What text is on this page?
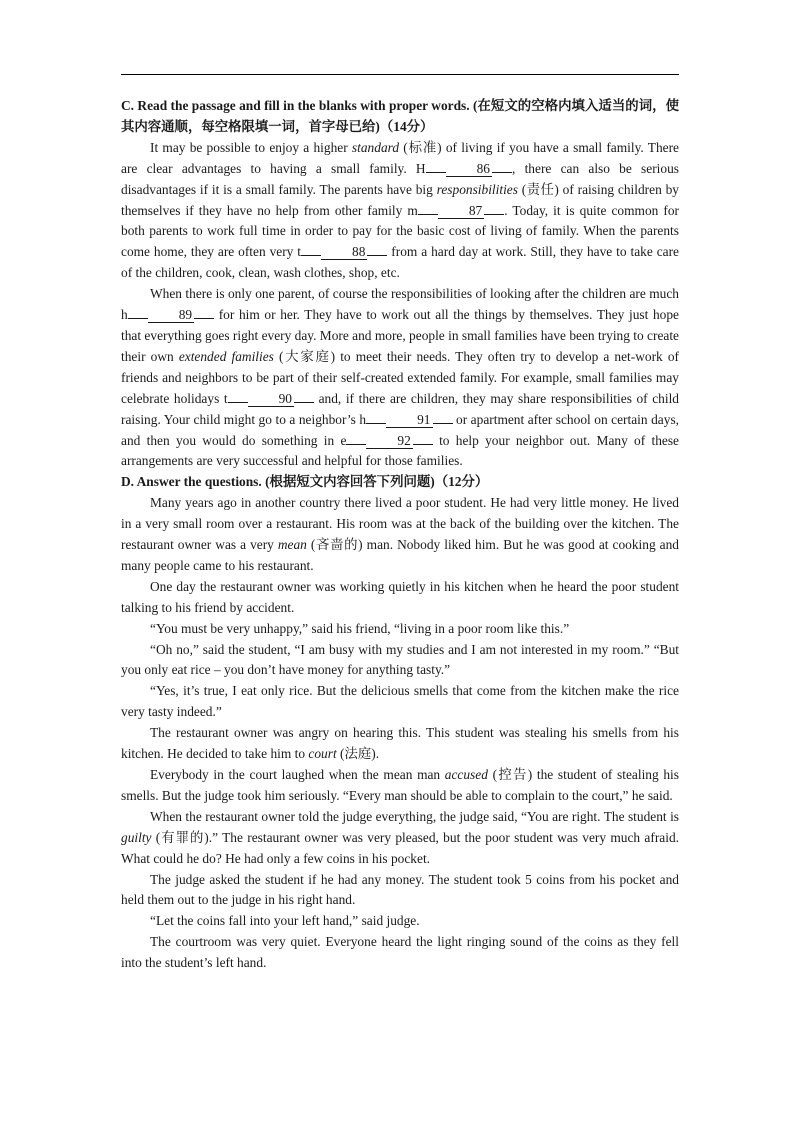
C. Read the passage and fill in the blanks with proper words. (在短文的空格内填入适当的词，使其内容通顺，每空格限填一词，首字母已给)（14分）

It may be possible to enjoy a higher standard (标准) of living if you have a small family. There are clear advantages to having a small family. H	86 , there can also be serious disadvantages if it is a small family. The parents have big responsibilities (责任) of raising children by themselves if they have no help from other family m	87 . Today, it is quite common for both parents to work full time in order to pay for the basic cost of living of family. When the parents come home, they are often very t	88 from a hard day at work. Still, they have to take care of the children, cook, clean, wash clothes, shop, etc.

When there is only one parent, of course the responsibilities of looking after the children are much h	89 for him or her. They have to work out all the things by themselves. They just hope that everything goes right every day. More and more, people in small families have been trying to create their own extended families (大家庭) to meet their needs. They often try to develop a net-work of friends and neighbors to be part of their self-created extended family. For example, small families may celebrate holidays t	90 and, if there are children, they may share responsibilities of child raising. Your child might go to a neighbor’s h	91 or apartment after school on certain days, and then you would do something in e	92 to help your neighbor out. Many of these arrangements are very successful and helpful for those families.

D. Answer the questions. (根据短文内容回答下列问题)（12分）

Many years ago in another country there lived a poor student. He had very little money. He lived in a very small room over a restaurant. His room was at the back of the building over the kitchen. The restaurant owner was a very mean (吝啬的) man. Nobody liked him. But he was good at cooking and many people came to his restaurant.

One day the restaurant owner was working quietly in his kitchen when he heard the poor student talking to his friend by accident.

“You must be very unhappy,” said his friend, “living in a poor room like this.”

“Oh no,” said the student, “I am busy with my studies and I am not interested in my room.” “But you only eat rice – you don’t have money for anything tasty.”

“Yes, it’s true, I eat only rice. But the delicious smells that come from the kitchen make the rice very tasty indeed.”

The restaurant owner was angry on hearing this. This student was stealing his smells from his kitchen. He decided to take him to court (法庭).

Everybody in the court laughed when the mean man accused (控告) the student of stealing his smells. But the judge took him seriously. “Every man should be able to complain to the court,” he said.

When the restaurant owner told the judge everything, the judge said, “You are right. The student is guilty (有罪的).” The restaurant owner was very pleased, but the poor student was very much afraid. What could he do? He had only a few coins in his pocket.

The judge asked the student if he had any money. The student took 5 coins from his pocket and held them out to the judge in his right hand.

“Let the coins fall into your left hand,” said judge.

The courtroom was very quiet. Everyone heard the light ringing sound of the coins as they fell into the student’s left hand.
